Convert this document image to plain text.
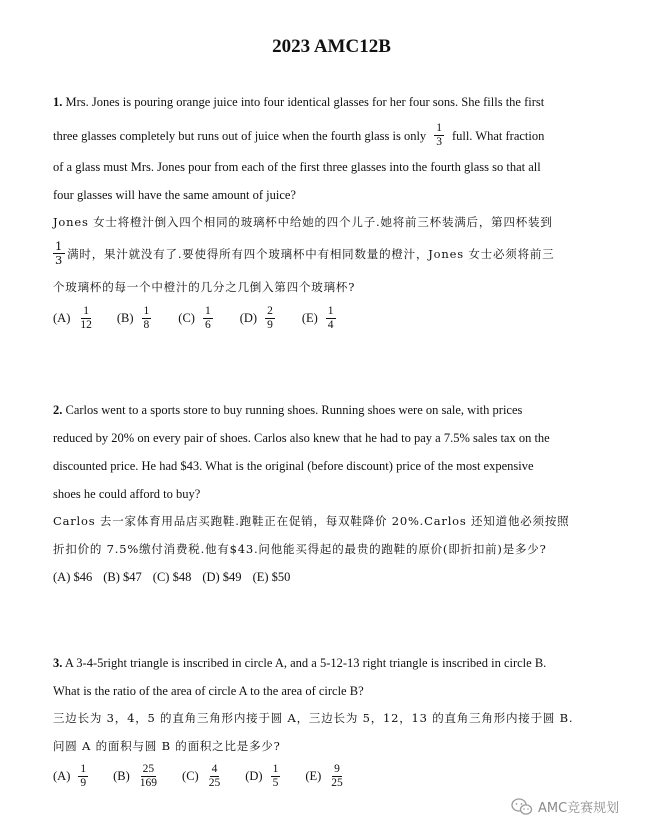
2023 AMC12B
1. Mrs. Jones is pouring orange juice into four identical glasses for her four sons. She fills the first
three glasses completely but runs out of juice when the fourth glass is only $\frac{1}{3}$ full. What fraction
of a glass must Mrs. Jones pour from each of the first three glasses into the fourth glass so that all
four glasses will have the same amount of juice?
Jones 女士将橙汁倒入四个相同的玻璃杯中给她的四个儿子.她将前三杯装满后，第四杯装到
$\frac{1}{3}$ 满时，果汁就没有了.要使得所有四个玻璃杯中有相同数量的橙汁，Jones 女士必须将前三
个玻璃杯的每一个中橙汁的几分之几倒入第四个玻璃杯?
$(A) \frac{1}{12} (B) \frac{1}{8} (C) \frac{1}{6} (D) \frac{2}{9} (E) \frac{1}{4}$
2. Carlos went to a sports store to buy running shoes. Running shoes were on sale, with prices
reduced by 20% on every pair of shoes. Carlos also knew that he had to pay a 7.5% sales tax on the
discounted price. He had $43. What is the original (before discount) price of the most expensive
shoes he could afford to buy?
Carlos 去一家体育用品店买跑鞋.跑鞋正在促销，每双鞋降价 20%.Carlos 还知道他必须按照
折扣价的 7.5%缴付消费税.他有$43.问他能买得起的最贵的跑鞋的原价(即折扣前)是多少?
(A) $46 (B) $47 (C) $48 (D) $49 (E) $50
3. A 3-4-5right triangle is inscribed in circle A, and a 5-12-13 right triangle is inscribed in circle B.
What is the ratio of the area of circle A to the area of circle B?
三边长为 3，4，5 的直角三角形内接于圆 A，三边长为 5，12，13 的直角三角形内接于圆 B.
问圆 A 的面积与圆 B 的面积之比是多少?
$(A) \frac{1}{9} (B) \frac{25}{169} (C) \frac{4}{25} (D) \frac{1}{5} (E) \frac{9}{25}$
AMC竞赛规划
